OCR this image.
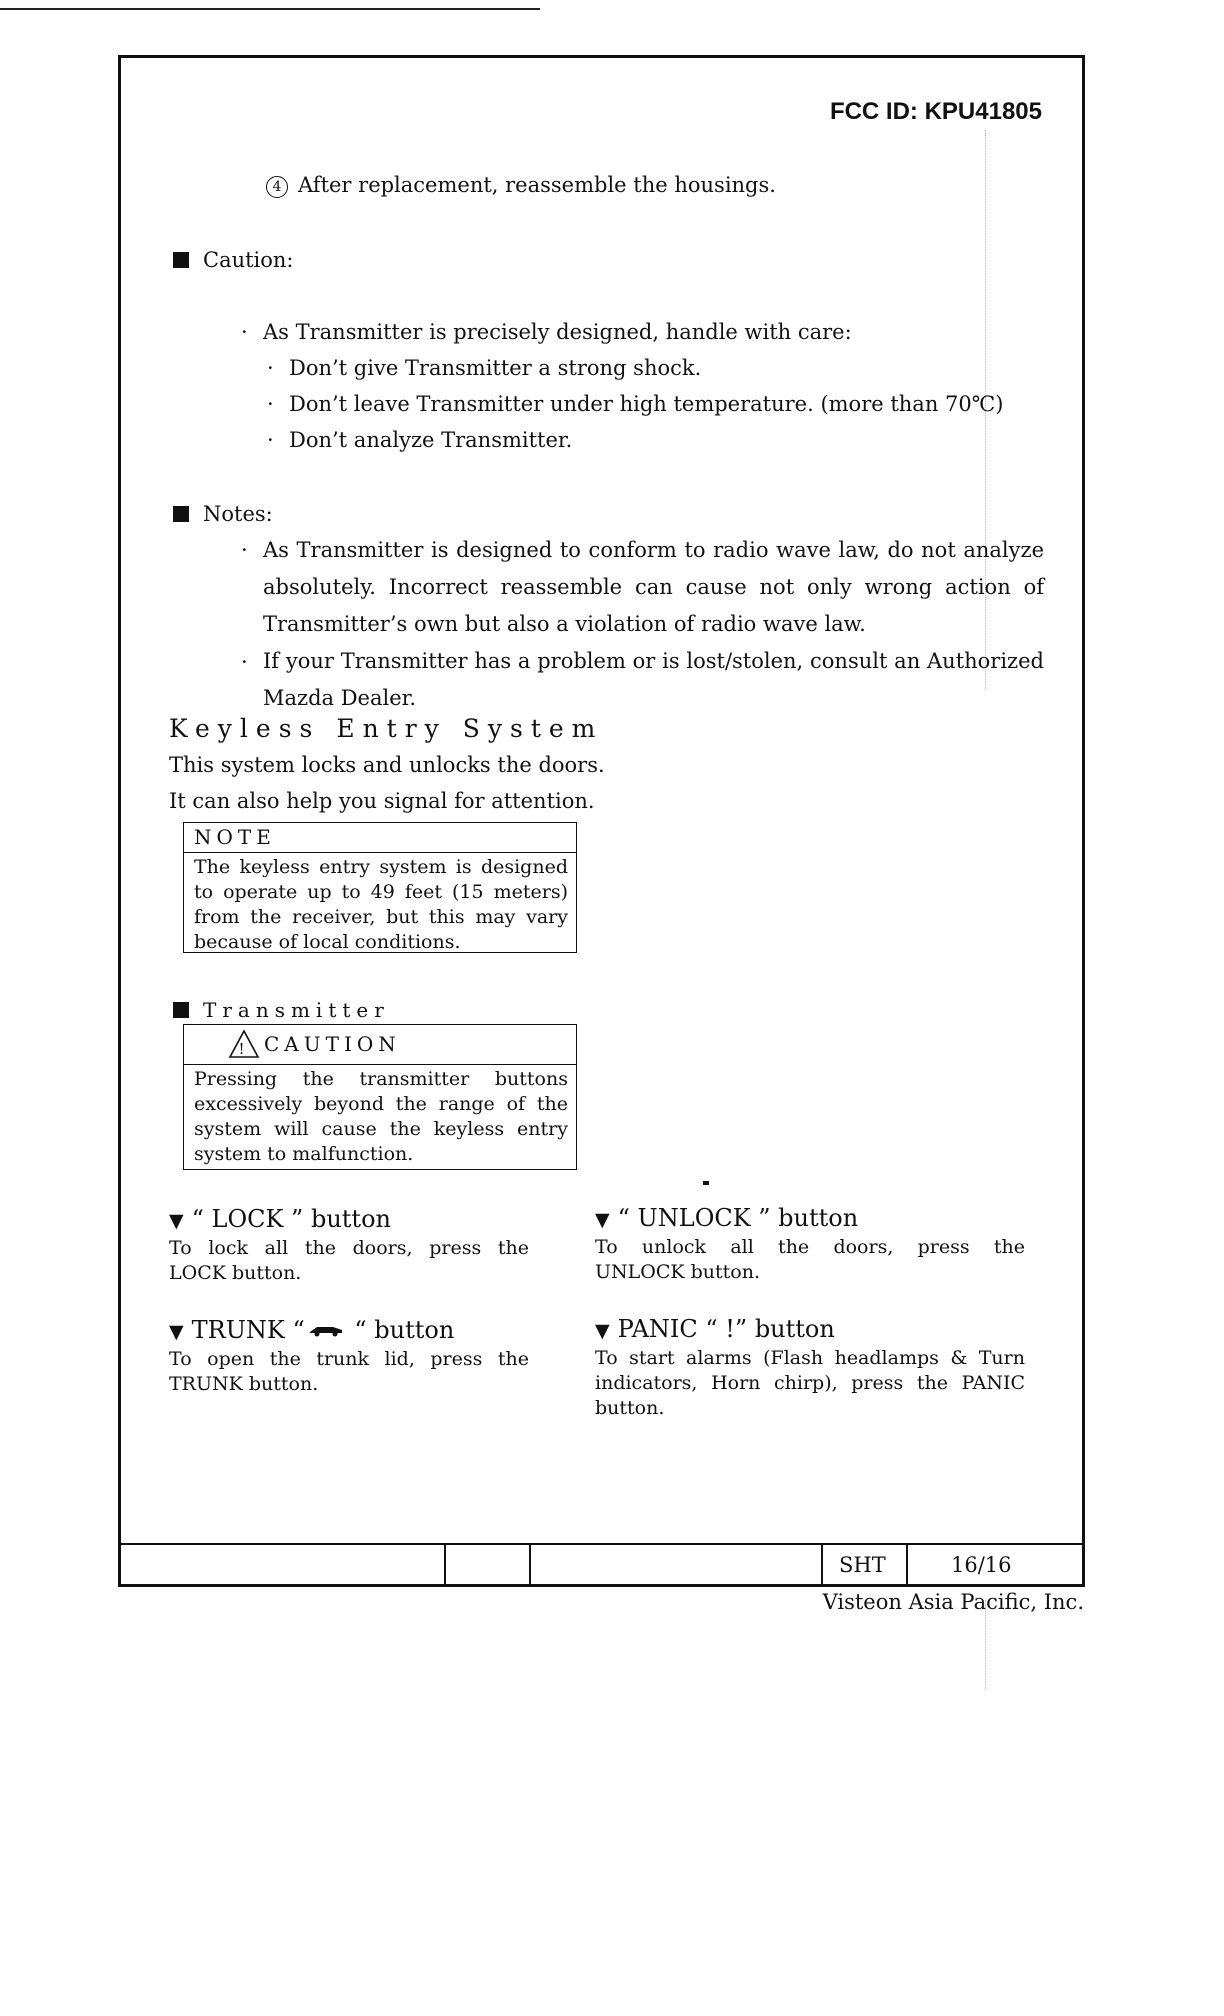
FCC ID: KPU41805
4 After replacement, reassemble the housings.
Caution:
· As Transmitter is precisely designed, handle with care:
· Don’t give Transmitter a strong shock.
· Don’t leave Transmitter under high temperature. (more than 70℃)
· Don’t analyze Transmitter.
Notes:
· As Transmitter is designed to conform to radio wave law, do not analyze
absolutely. Incorrect reassemble can cause not only wrong action of
Transmitter’s own but also a violation of radio wave law.
· If your Transmitter has a problem or is lost/stolen, consult an Authorized
Mazda Dealer.
Keyless Entry System
This system locks and unlocks the doors.
It can also help you signal for attention.
NOTE
The keyless entry system is designed
to operate up to 49 feet (15 meters)
from the receiver, but this may vary
because of local conditions.
Transmitter
! CAUTION
Pressing the transmitter buttons
excessively beyond the range of the
system will cause the keyless entry
system to malfunction.
▼ “ LOCK ” button
To lock all the doors, press the
LOCK button.
▼ “ UNLOCK ” button
To unlock all the doors, press the
UNLOCK button.
▼ TRUNK “ “ button
To open the trunk lid, press the
TRUNK button.
▼ PANIC “ !” button
To start alarms (Flash headlamps & Turn
indicators, Horn chirp), press the PANIC
button.
SHT	16/16
Visteon Asia Pacific, Inc.
